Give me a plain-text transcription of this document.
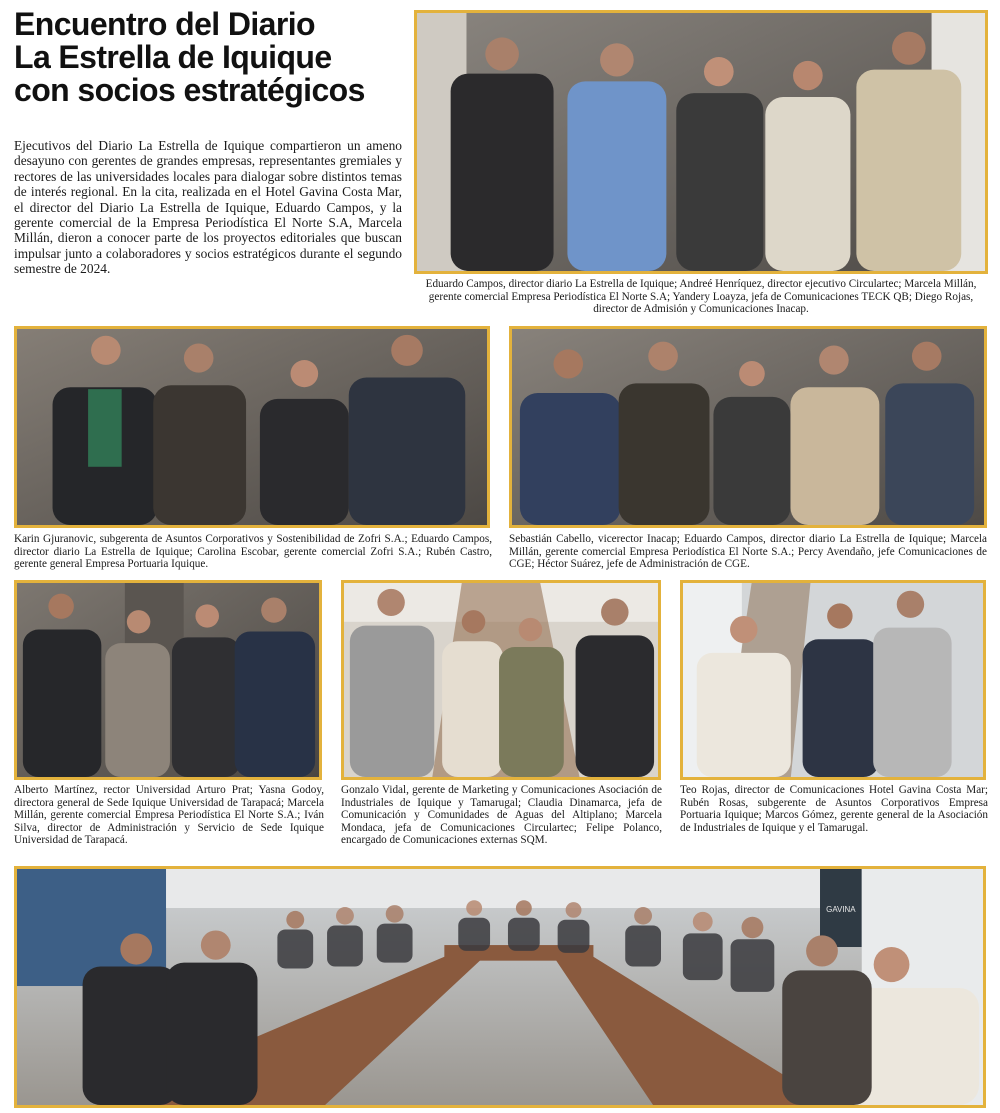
Encuentro del Diario
La Estrella de Iquique
con socios estratégicos

Ejecutivos del Diario La Estrella de Iquique compartieron un ameno desayuno con gerentes de grandes empresas, representantes gremiales y rectores de las universidades locales para dialogar sobre distintos temas de interés regional. En la cita, realizada en el Hotel Gavina Costa Mar, el director del Diario La Estrella de Iquique, Eduardo Campos, y la gerente comercial de la Empresa Periodística El Norte S.A, Marcela Millán, dieron a conocer parte de los proyectos editoriales que buscan impulsar junto a colaboradores y socios estratégicos durante el segundo semestre de 2024.

Eduardo Campos, director diario La Estrella de Iquique; Andreé Henríquez, director ejecutivo Circulartec; Marcela Millán, gerente comercial Empresa Periodística El Norte S.A; Yandery Loayza, jefa de Comunicaciones TECK QB; Diego Rojas, director de Admisión y Comunicaciones Inacap.

Karin Gjuranovic, subgerenta de Asuntos Corporativos y Sostenibilidad de Zofri S.A.; Eduardo Campos, director diario La Estrella de Iquique; Carolina Escobar, gerente comercial Zofri S.A.; Rubén Castro, gerente general Empresa Portuaria Iquique.

Sebastián Cabello, vicerector Inacap; Eduardo Campos, director diario La Estrella de Iquique; Marcela Millán, gerente comercial Empresa Periodística El Norte S.A.; Percy Avendaño, jefe Comunicaciones de CGE; Héctor Suárez, jefe de Administración de CGE.

Alberto Martínez, rector Universidad Arturo Prat; Yasna Godoy, directora general de Sede Iquique Universidad de Tarapacá; Marcela Millán, gerente comercial Empresa Periodística El Norte S.A.; Iván Silva, director de Administración y Servicio de Sede Iquique Universidad de Tarapacá.

Gonzalo Vidal, gerente de Marketing y Comunicaciones Asociación de Industriales de Iquique y Tamarugal; Claudia Dinamarca, jefa de Comunicación y Comunidades de Aguas del Altiplano; Marcela Mondaca, jefa de Comunicaciones Circulartec; Felipe Polanco, encargado de Comunicaciones externas SQM.

Teo Rojas, director de Comunicaciones Hotel Gavina Costa Mar; Rubén Rosas, subgerente de Asuntos Corporativos Empresa Portuaria Iquique; Marcos Gómez, gerente general de la Asociación de Industriales de Iquique y el Tamarugal.

GAVINA
